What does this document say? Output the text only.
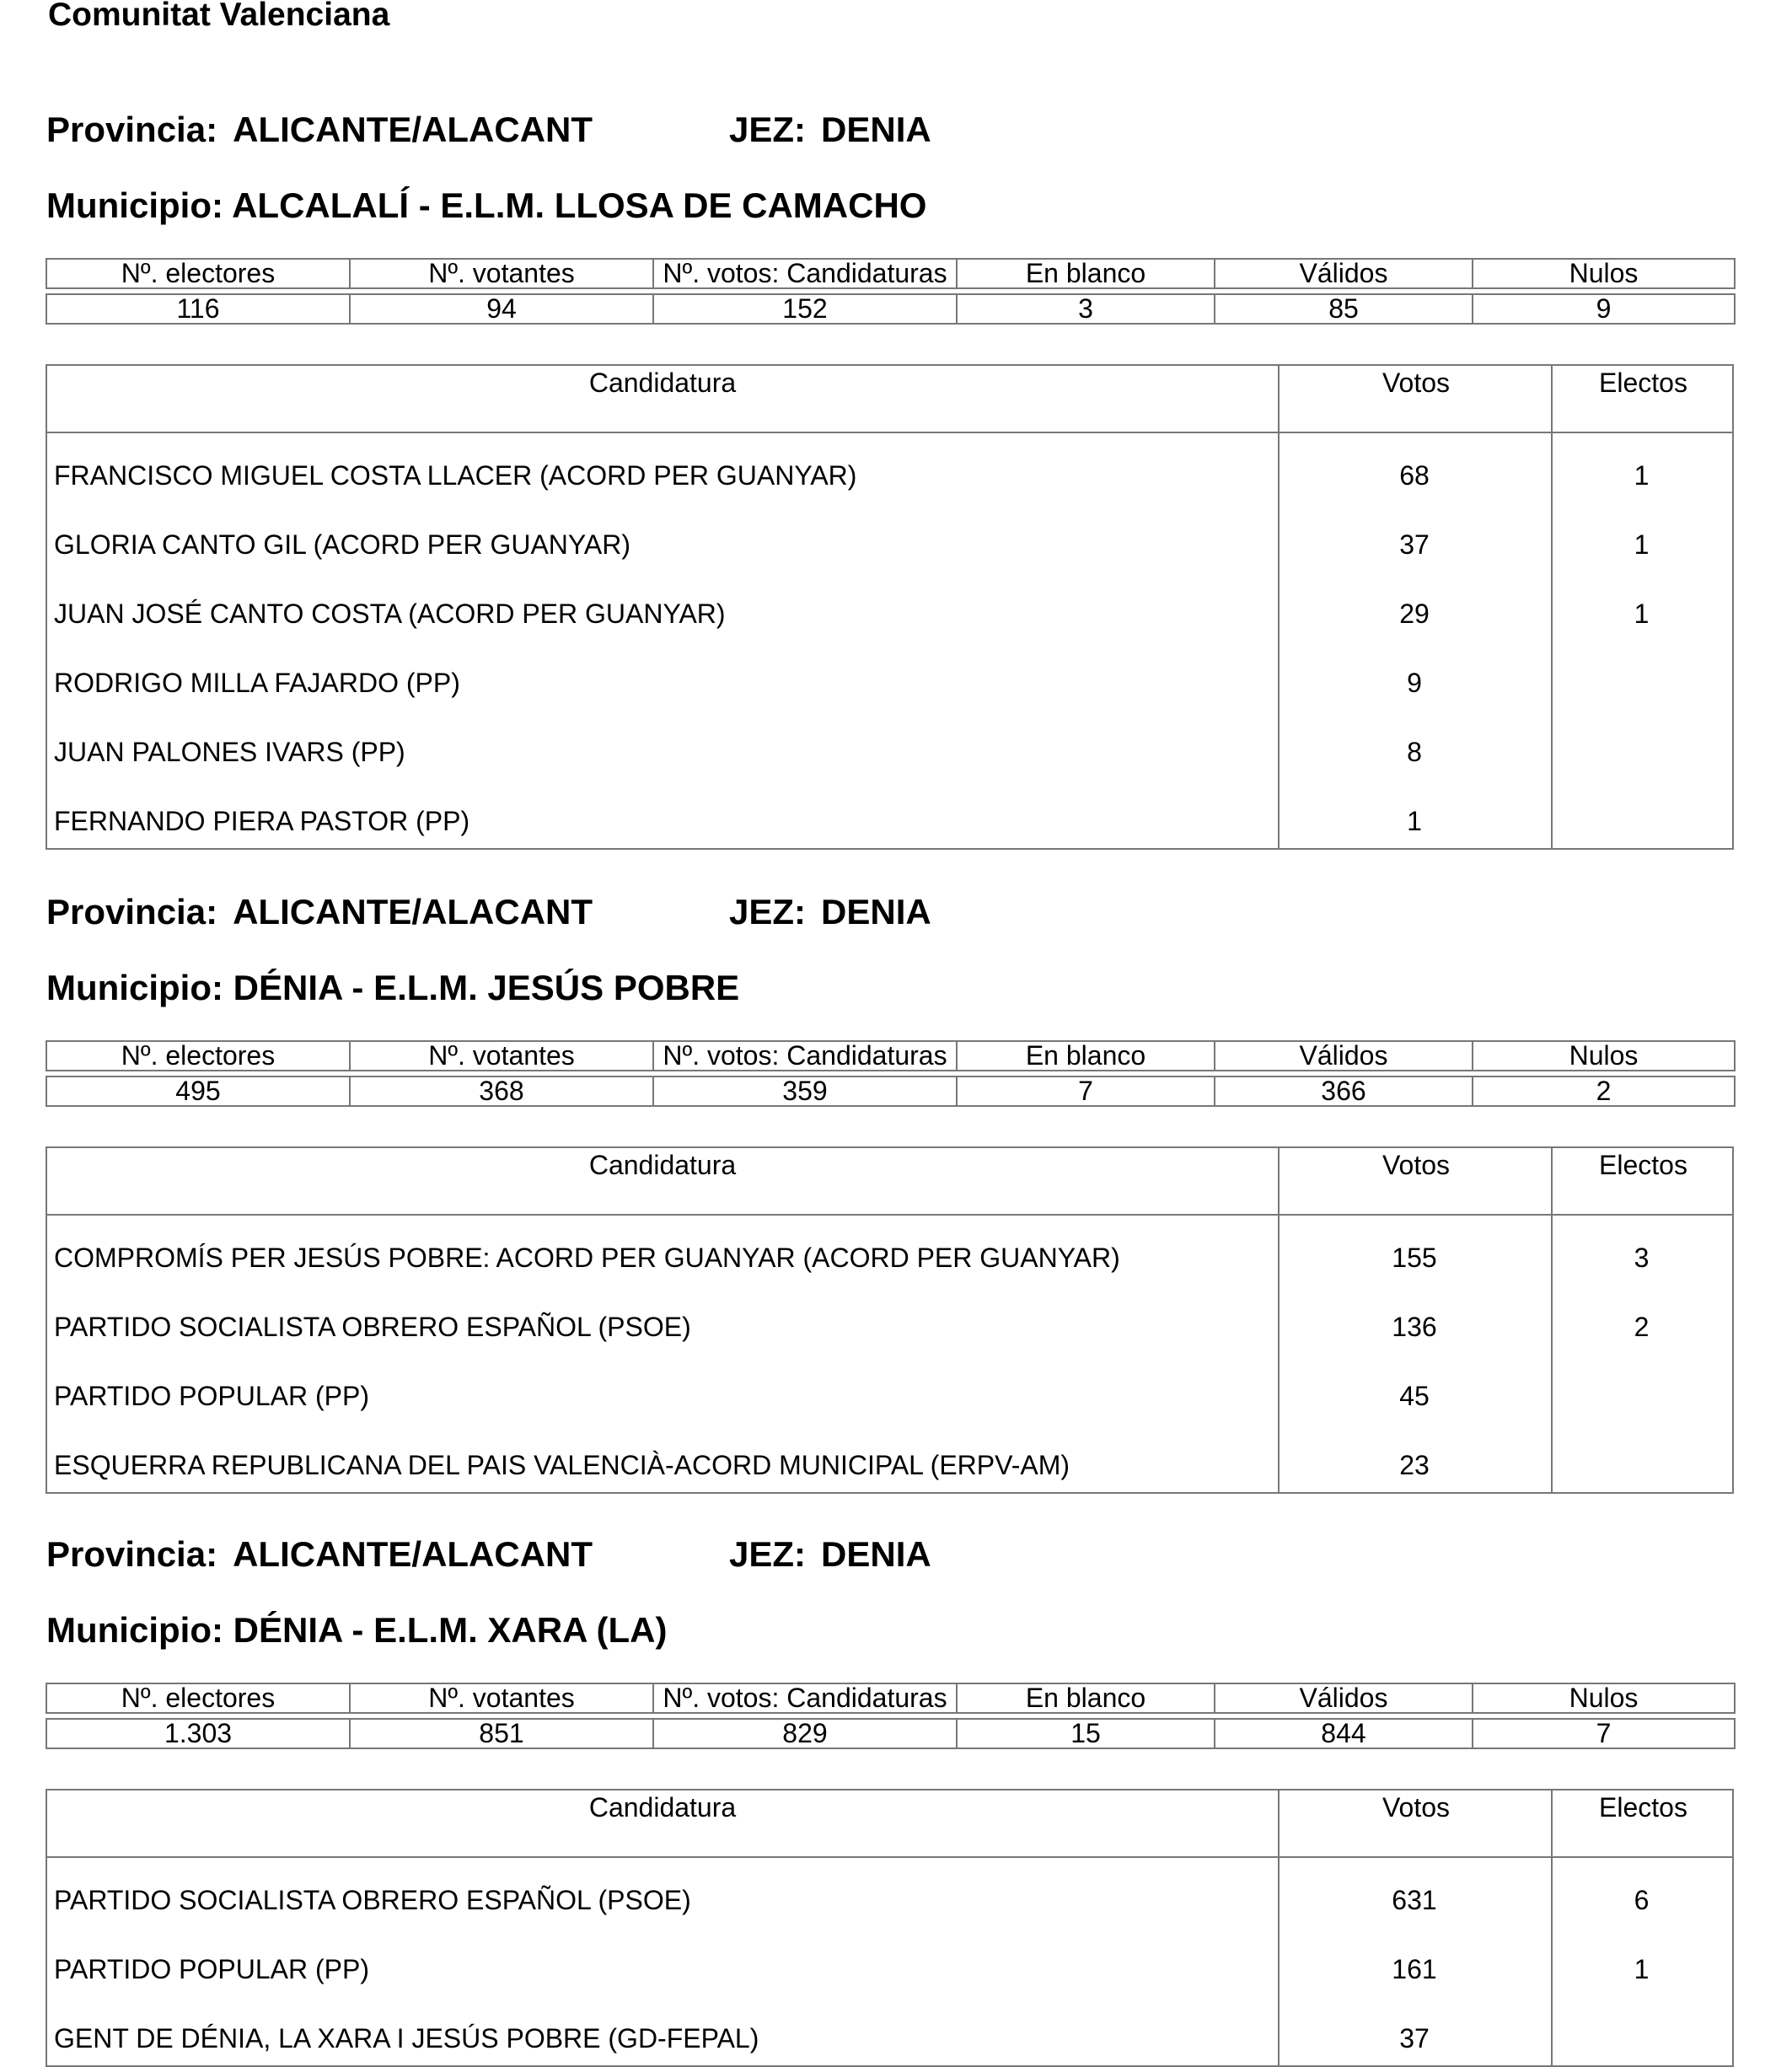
Comunitat Valenciana
Provincia: ALICANTE/ALACANT	JEZ: DENIA
Municipio: ALCALALÍ - E.L.M. LLOSA DE CAMACHO
Nº. electores	Nº. votantes	Nº. votos: Candidaturas	En blanco	Válidos	Nulos

116	94	152	3	85	9
Candidatura	Votos	Electos
FRANCISCO MIGUEL COSTA LLACER (ACORD PER GUANYAR)	68	1
GLORIA CANTO GIL (ACORD PER GUANYAR)	37	1
JUAN JOSÉ CANTO COSTA (ACORD PER GUANYAR)	29	1
RODRIGO MILLA FAJARDO (PP)	9
JUAN PALONES IVARS (PP)	8
FERNANDO PIERA PASTOR (PP)	1
Provincia: ALICANTE/ALACANT	JEZ: DENIA
Municipio: DÉNIA - E.L.M. JESÚS POBRE
Nº. electores	Nº. votantes	Nº. votos: Candidaturas	En blanco	Válidos	Nulos

495	368	359	7	366	2
Candidatura	Votos	Electos
COMPROMÍS PER JESÚS POBRE: ACORD PER GUANYAR (ACORD PER GUANYAR)	155	3
PARTIDO SOCIALISTA OBRERO ESPAÑOL (PSOE)	136	2
PARTIDO POPULAR (PP)	45
ESQUERRA REPUBLICANA DEL PAIS VALENCIÀ-ACORD MUNICIPAL (ERPV-AM)	23
Provincia: ALICANTE/ALACANT	JEZ: DENIA
Municipio: DÉNIA - E.L.M. XARA (LA)
Nº. electores	Nº. votantes	Nº. votos: Candidaturas	En blanco	Válidos	Nulos

1.303	851	829	15	844	7
Candidatura	Votos	Electos
PARTIDO SOCIALISTA OBRERO ESPAÑOL (PSOE)	631	6
PARTIDO POPULAR (PP)	161	1
GENT DE DÉNIA, LA XARA I JESÚS POBRE (GD-FEPAL)	37
